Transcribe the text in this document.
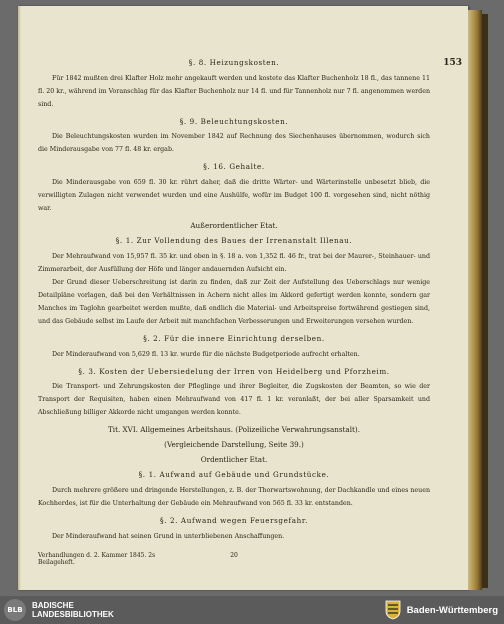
153
§. 8. Heizungskosten.
Für 1842 mußten drei Klafter Holz mehr angekauft werden und kostete das Klafter Buchenholz 18 fl., das tannene 11 fl. 20 kr., während im Voranschlag für das Klafter Buchenholz nur 14 fl. und für Tannenholz nur 7 fl. angenommen werden sind.
§. 9. Beleuchtungskosten.
Die Beleuchtungskosten wurden im November 1842 auf Rechnung des Siechenhauses übernommen, wodurch sich die Minderausgabe von 77 fl. 48 kr. ergab.
§. 16. Gehalte.
Die Minderausgabe von 659 fl. 30 kr. rührt daher, daß die dritte Wärter- und Wärterinstelle unbesetzt blieb, die verwilligten Zulagen nicht verwendet wurden und eine Aushülfe, wofür im Budget 100 fl. vorgesehen sind, nicht nöthig war.
Außerordentlicher Etat.
§. 1. Zur Vollendung des Baues der Irrenanstalt Illenau.
Der Mehraufwand von 15,957 fl. 35 kr. und oben in §. 18 a. von 1,352 fl. 46 fr., trat bei der Maurer-, Steinhauer- und Zimmerarbeit, der Ausfüllung der Höfe und länger andauernden Aufsicht ein.
Der Grund dieser Ueberschreitung ist darin zu finden, daß zur Zeit der Aufstellung des Ueberschlags nur wenige Detailpläne vorlagen, daß bei den Verhältnissen in Achern nicht alles im Akkord gefertigt werden konnte, sondern gar Manches im Taglohn gearbeitet werden mußte, daß endlich die Material- und Arbeitspreise fortwährend gestiegen sind, und das Gebäude selbst im Laufe der Arbeit mit manchfachen Verbesserungen und Erweiterungen versehen wurden.
§. 2. Für die innere Einrichtung derselben.
Der Minderaufwand von 5,629 fl. 13 kr. wurde für die nächste Budgetperiode aufrecht erhalten.
§. 3. Kosten der Uebersiedelung der Irren von Heidelberg und Pforzheim.
Die Transport- und Zehrungskosten der Pfleglinge und ihrer Begleiter, die Zugskosten der Beamten, so wie der Transport der Requisiten, haben einen Mehraufwand von 417 fl. 1 kr. veranlaßt, der bei aller Sparsamkeit und Abschließung billiger Akkorde nicht umgangen werden konnte.
Tit. XVI. Allgemeines Arbeitshaus. (Polizeiliche Verwahrungsanstalt).
(Vergleichende Darstellung, Seite 39.)
Ordentlicher Etat.
§. 1. Aufwand auf Gebäude und Grundstücke.
Durch mehrere größere und dringende Herstellungen, z. B. der Thorwartswohnung, der Dachkandle und eines neuen Kochherdes, ist für die Unterhaltung der Gebäude ein Mehraufwand von 565 fl. 33 kr. entstanden.
§. 2. Aufwand wegen Feuersgefahr.
Der Minderaufwand hat seinen Grund in unterbliebenen Anschaffungen.
Verhandlungen d. 2. Kammer 1845. 2s Beilageheft.
20
BLB	BADISCHE
LANDESBIBLIOTHEK	Baden-Württemberg
